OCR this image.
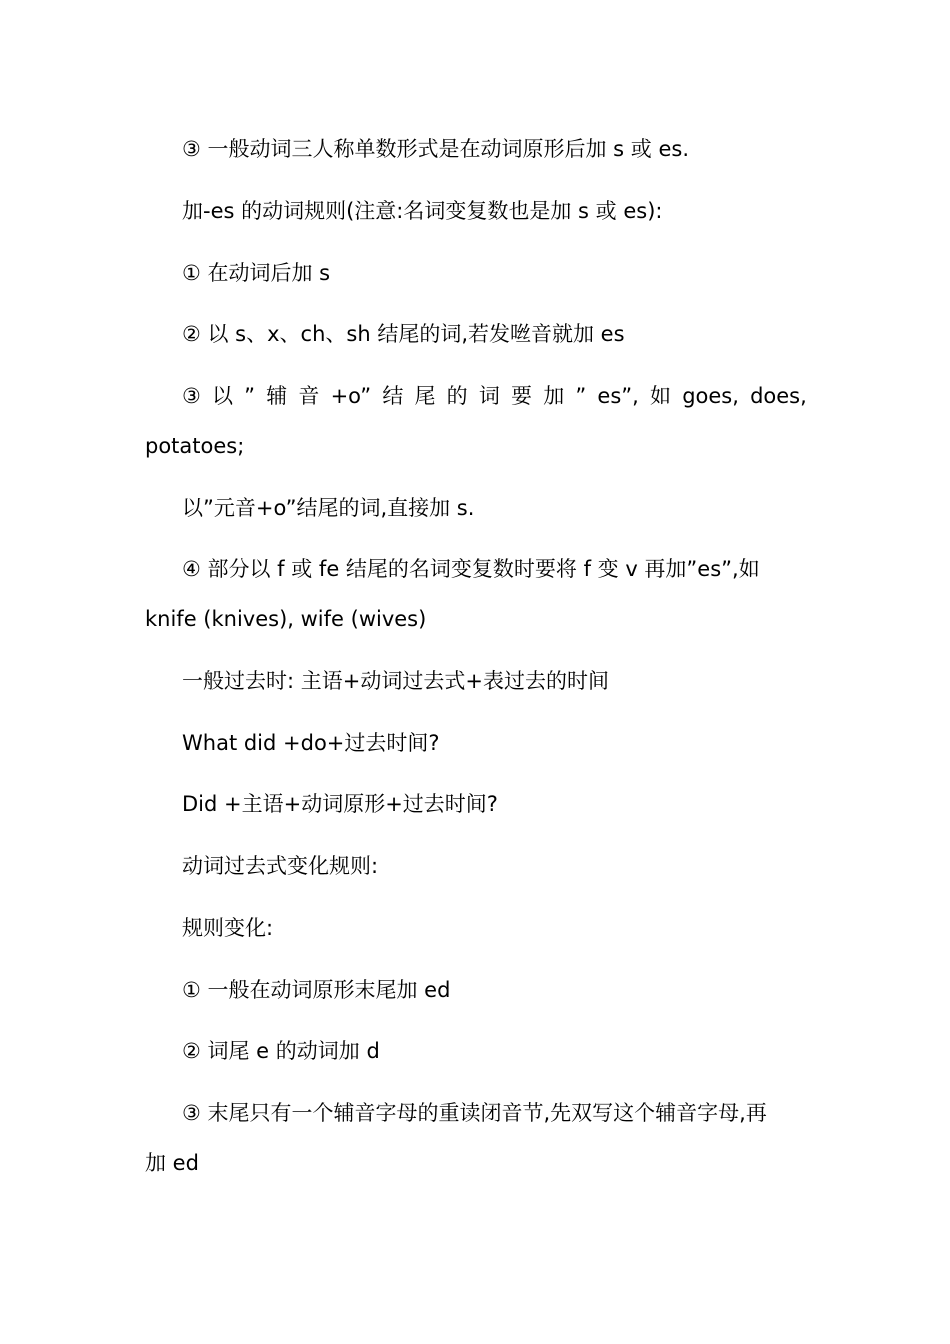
③ 一般动词三人称单数形式是在动词原形后加 s 或 es.
加-es 的动词规则(注意:名词变复数也是加 s 或 es):
① 在动词后加 s
② 以 s、x、ch、sh 结尾的词,若发咝音就加 es
③ 以 ” 辅 音 +o” 结 尾 的 词 要 加 ” es”, 如 goes, does,
potatoes;
以”元音+o”结尾的词,直接加 s.
④ 部分以 f 或 fe 结尾的名词变复数时要将 f 变 v 再加”es”,如
knife (knives), wife (wives)
一般过去时: 主语+动词过去式+表过去的时间
What did +do+过去时间?
Did +主语+动词原形+过去时间?
动词过去式变化规则:
规则变化:
① 一般在动词原形末尾加 ed
② 词尾 e 的动词加 d
③ 末尾只有一个辅音字母的重读闭音节,先双写这个辅音字母,再
加 ed
